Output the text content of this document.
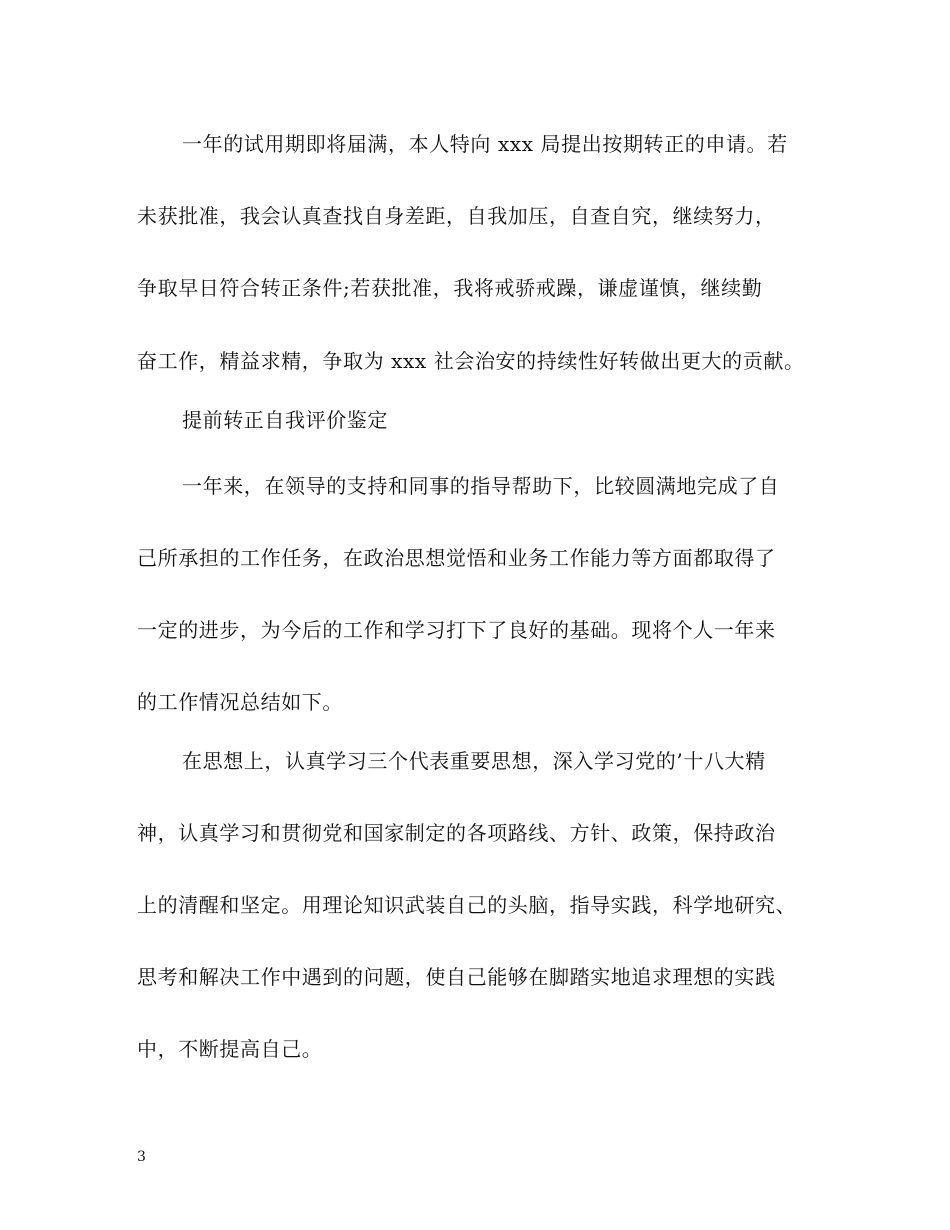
一年的试用期即将届满，本人特向 xxx 局提出按期转正的申请。若
未获批准，我会认真查找自身差距，自我加压，自查自究，继续努力，
争取早日符合转正条件;若获批准，我将戒骄戒躁，谦虚谨慎，继续勤
奋工作，精益求精，争取为 xxx 社会治安的持续性好转做出更大的贡献。
提前转正自我评价鉴定
一年来，在领导的支持和同事的指导帮助下，比较圆满地完成了自
己所承担的工作任务，在政治思想觉悟和业务工作能力等方面都取得了
一定的进步，为今后的工作和学习打下了良好的基础。现将个人一年来
的工作情况总结如下。
在思想上，认真学习三个代表重要思想，深入学习党的’十八大精
神，认真学习和贯彻党和国家制定的各项路线、方针、政策，保持政治
上的清醒和坚定。用理论知识武装自己的头脑，指导实践，科学地研究、
思考和解决工作中遇到的问题，使自己能够在脚踏实地追求理想的实践
中，不断提高自己。
3
